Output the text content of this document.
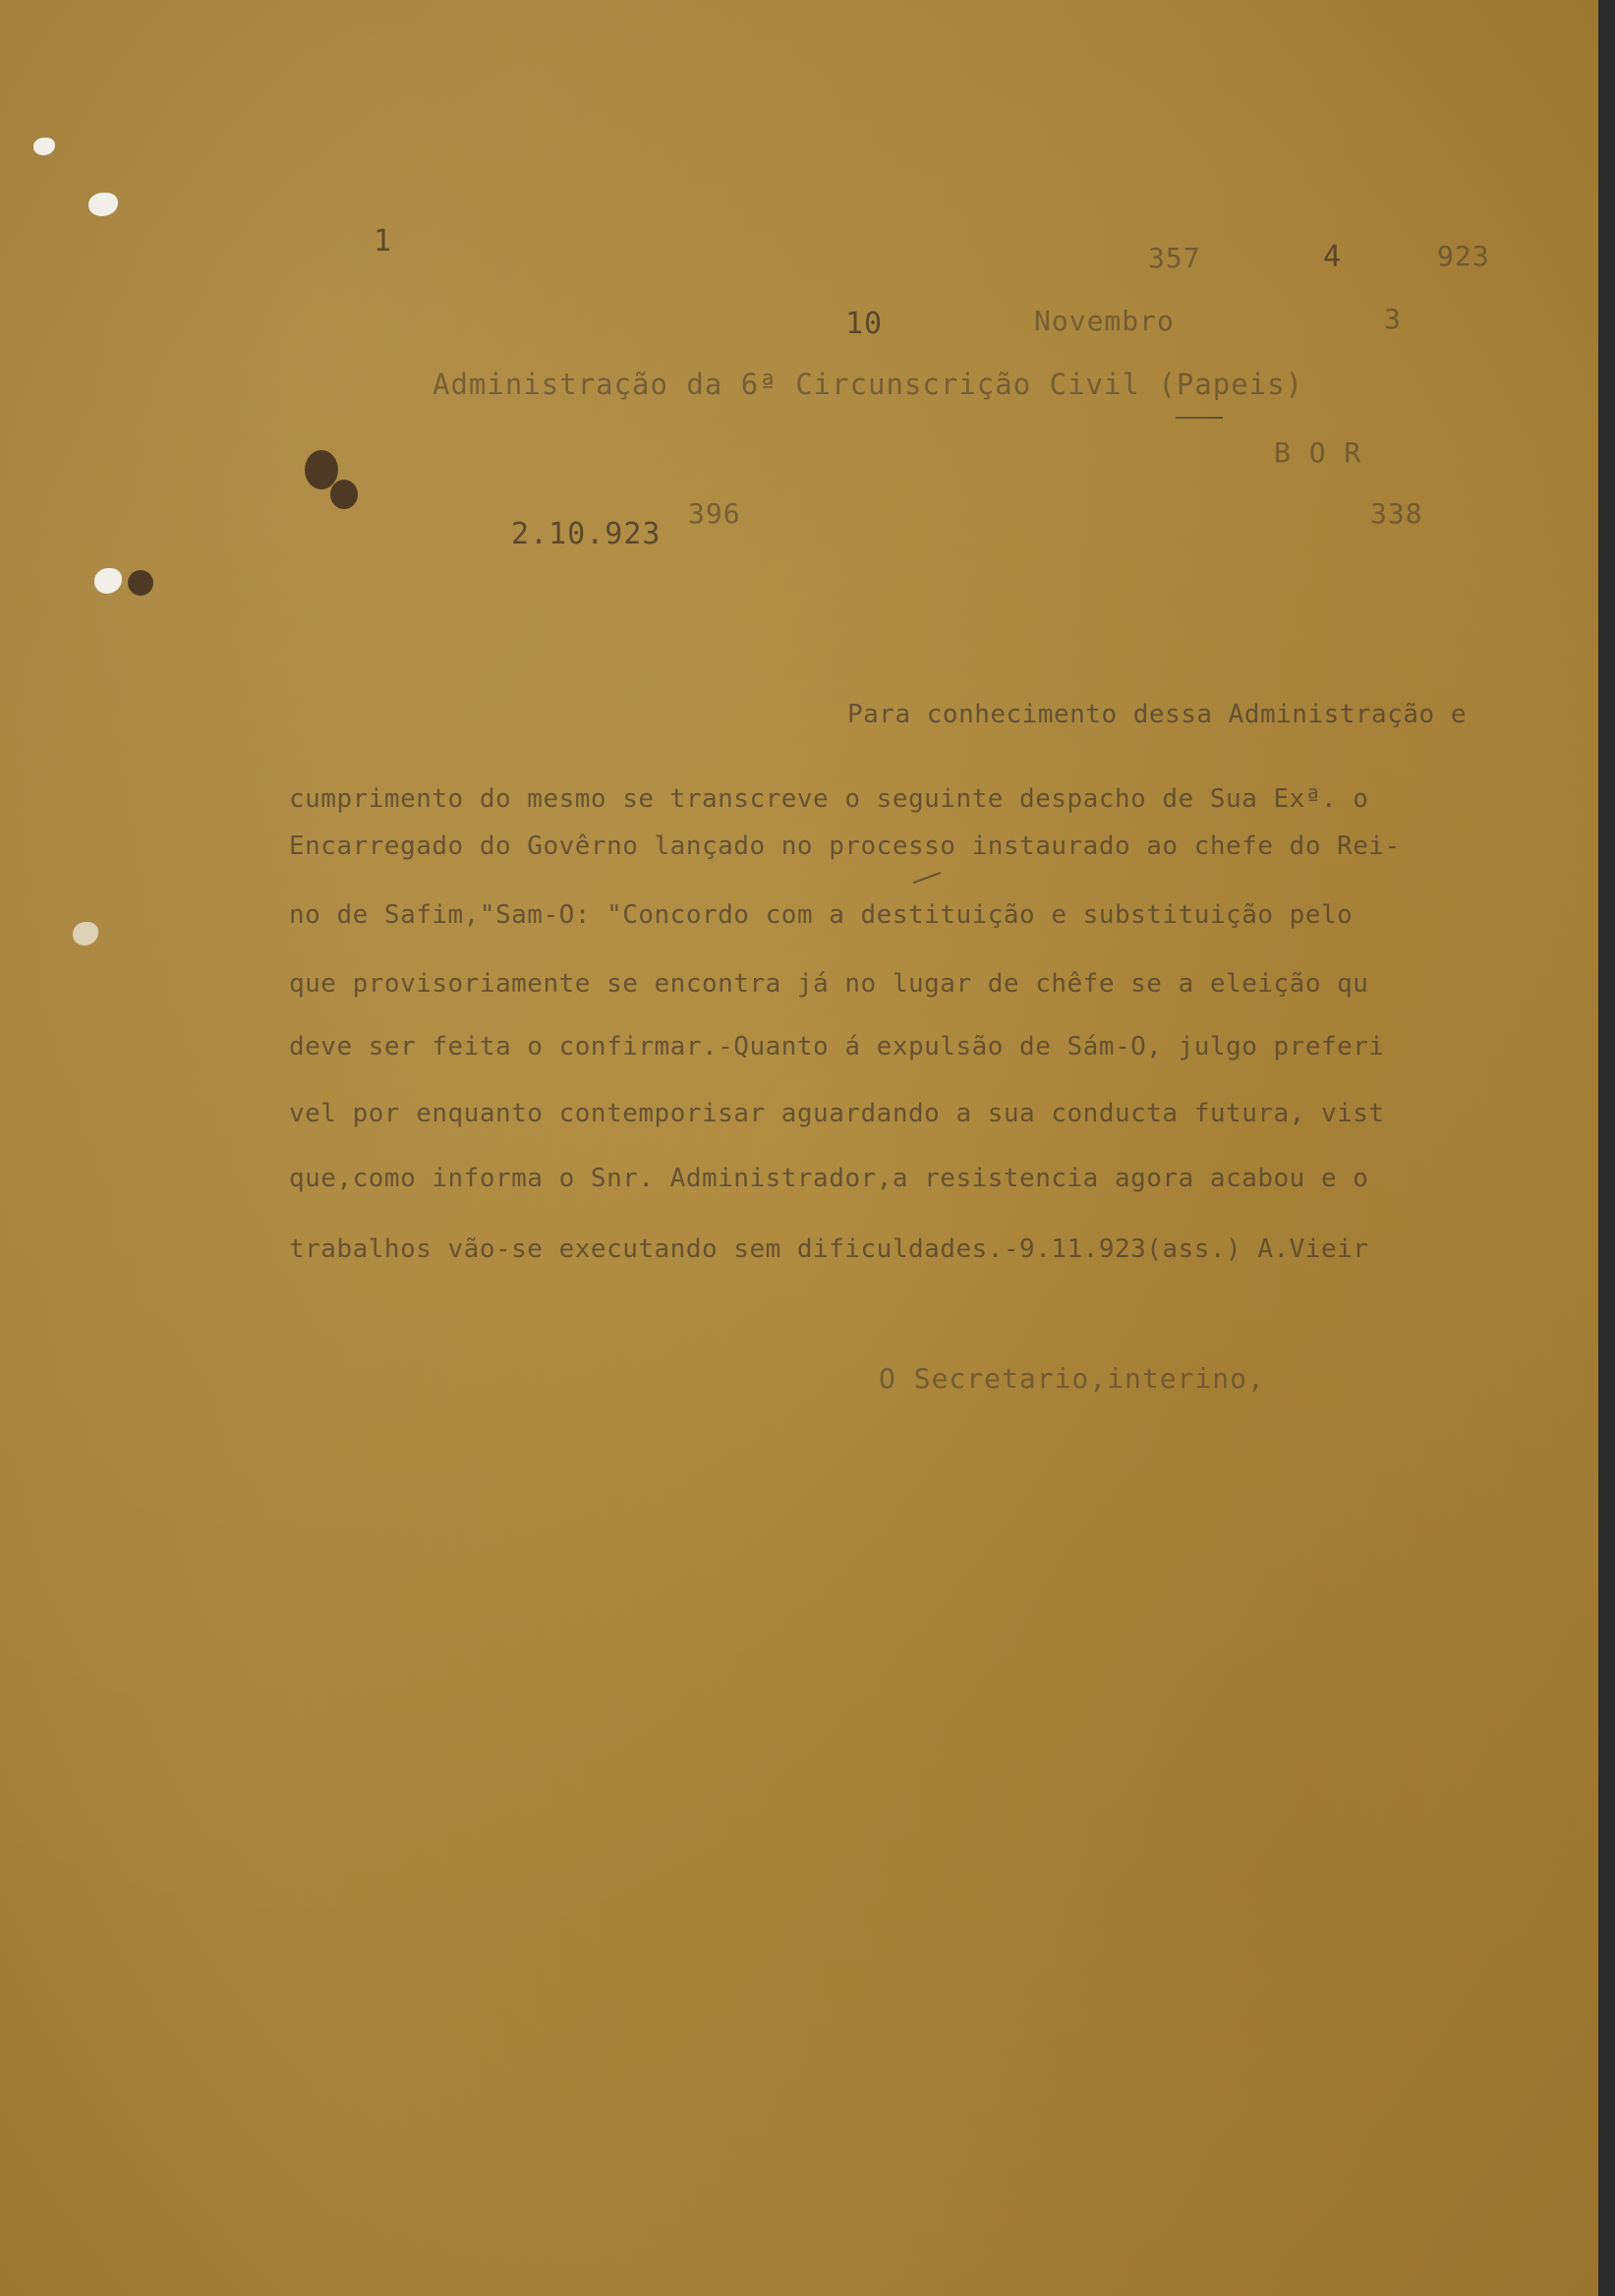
1	357	4	923
10	Novembro	3
Administração da 6ª Circunscrição Civil (Papeis)
B O R
2.10.923
396	338
Para conhecimento dessa Administração e
cumprimento do mesmo se transcreve o seguinte despacho de Sua Exª. o
Encarregado do Govêrno lançado no processo instaurado ao chefe do Rei-
no de Safim,"Sam-O: "Concordo com a destituição e substituição pelo
que provisoriamente se encontra já no lugar de chêfe se a eleição qu
deve ser feita o confirmar.-Quanto á expulsão de Sám-O, julgo preferi
vel por enquanto contemporisar aguardando a sua conducta futura, vist
que,como informa o Snr. Administrador,a resistencia agora acabou e o
trabalhos vão-se executando sem dificuldades.-9.11.923(ass.) A.Vieir
O Secretario,interino,
